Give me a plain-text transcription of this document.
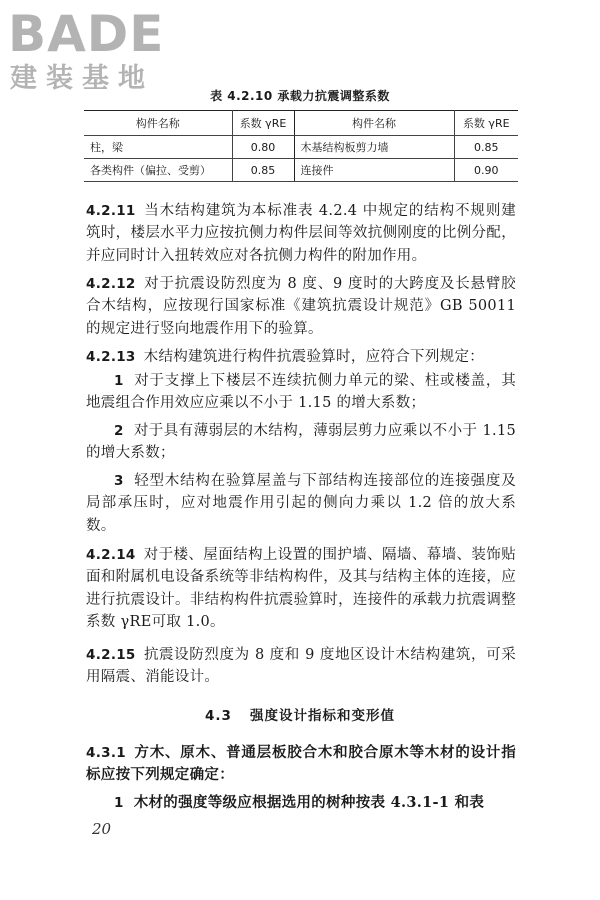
BADE
建装基地
表 4.2.10 承载力抗震调整系数
构件名称	系数 γRE	构件名称	系数 γRE
柱，梁	0.80	木基结构板剪力墙	0.85
各类构件（偏拉、受剪）	0.85	连接件	0.90
4.2.11 当木结构建筑为本标准表 4.2.4 中规定的结构不规则建筑时，楼层水平力应按抗侧力构件层间等效抗侧刚度的比例分配，并应同时计入扭转效应对各抗侧力构件的附加作用。
4.2.12 对于抗震设防烈度为 8 度、9 度时的大跨度及长悬臂胶合木结构，应按现行国家标准《建筑抗震设计规范》GB 50011 的规定进行竖向地震作用下的验算。
4.2.13 木结构建筑进行构件抗震验算时，应符合下列规定：
1 对于支撑上下楼层不连续抗侧力单元的梁、柱或楼盖，其地震组合作用效应应乘以不小于 1.15 的增大系数；
2 对于具有薄弱层的木结构，薄弱层剪力应乘以不小于 1.15 的增大系数；
3 轻型木结构在验算屋盖与下部结构连接部位的连接强度及局部承压时，应对地震作用引起的侧向力乘以 1.2 倍的放大系数。
4.2.14 对于楼、屋面结构上设置的围护墙、隔墙、幕墙、装饰贴面和附属机电设备系统等非结构构件，及其与结构主体的连接，应进行抗震设计。非结构构件抗震验算时，连接件的承载力抗震调整系数 γRE可取 1.0。
4.2.15 抗震设防烈度为 8 度和 9 度地区设计木结构建筑，可采用隔震、消能设计。
4.3 强度设计指标和变形值
4.3.1 方木、原木、普通层板胶合木和胶合原木等木材的设计指标应按下列规定确定：
1 木材的强度等级应根据选用的树种按表 4.3.1-1 和表
20
